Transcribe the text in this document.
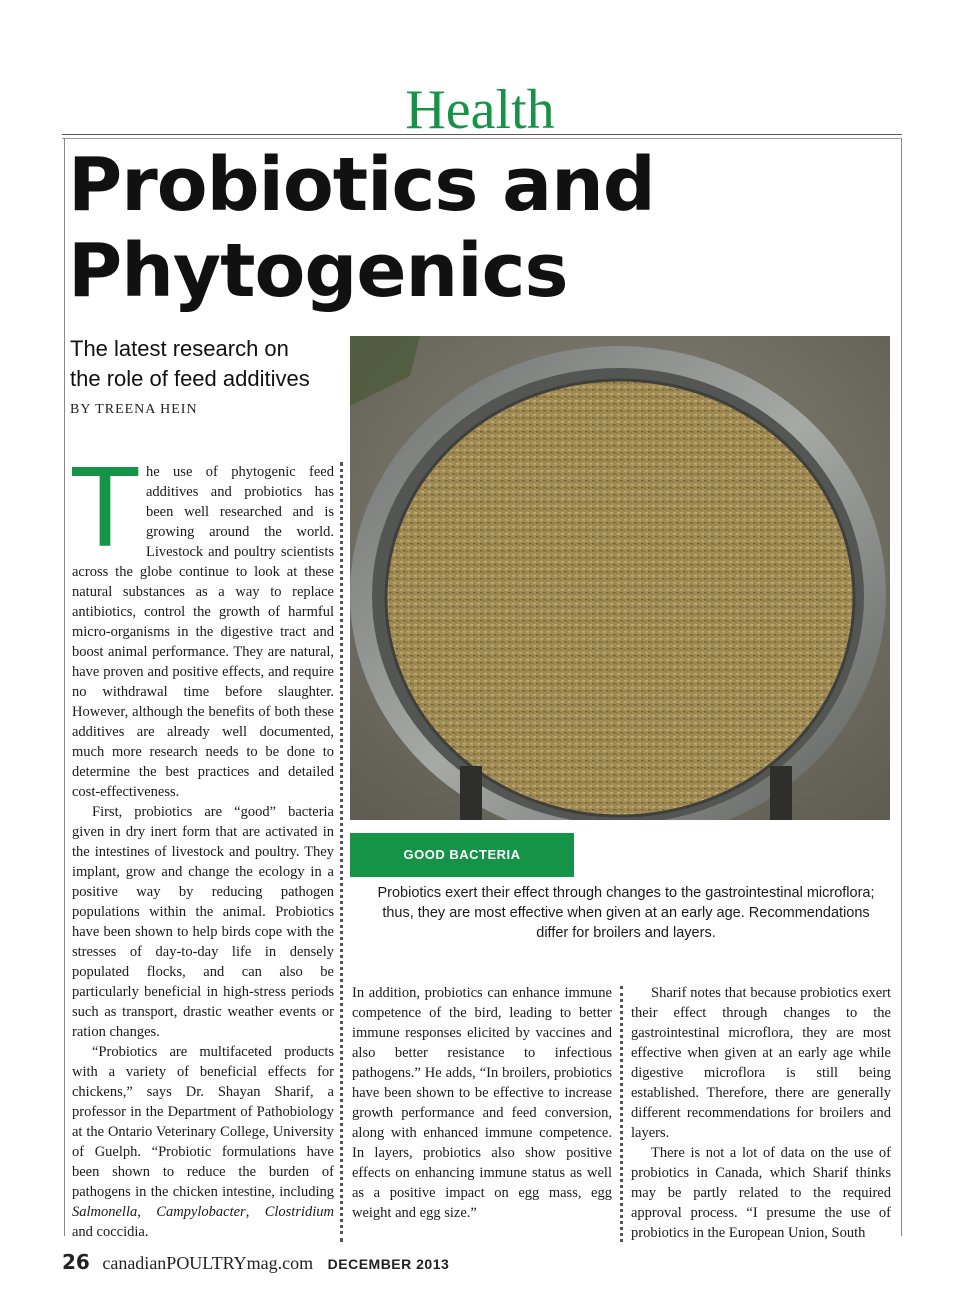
Health
Probiotics and
Phytogenics
The latest research on
the role of feed additives
BY TREENA HEIN
GOOD BACTERIA
Probiotics exert their effect through changes to the gastrointestinal microflora; thus, they are most effective when given at an early age. Recommendations differ for broilers and layers.
T he use of phytogenic feed additives and probiotics has been well researched and is growing around the world. Livestock and poultry scientists across the globe continue to look at these natural substances as a way to replace antibiotics, control the growth of harmful micro-organisms in the digestive tract and boost animal performance. They are natural, have proven and positive effects, and require no withdrawal time before slaughter. However, although the benefits of both these additives are already well documented, much more research needs to be done to determine the best practices and detailed cost-effectiveness.

First, probiotics are “good” bacteria given in dry inert form that are activated in the intestines of livestock and poultry. They implant, grow and change the ecology in a positive way by reducing pathogen populations within the animal. Probiotics have been shown to help birds cope with the stresses of day-to-day life in densely populated flocks, and can also be particularly beneficial in high-stress periods such as transport, drastic weather events or ration changes.

“Probiotics are multifaceted products with a variety of beneficial effects for chickens,” says Dr. Shayan Sharif, a professor in the Department of Pathobiology at the Ontario Veterinary College, University of Guelph. “Probiotic formulations have been shown to reduce the burden of pathogens in the chicken intestine, including Salmonella, Campylobacter, Clostridium and coccidia.

In addition, probiotics can enhance immune competence of the bird, leading to better immune responses elicited by vaccines and also better resistance to infectious pathogens.” He adds, “In broilers, probiotics have been shown to be effective to increase growth performance and feed conversion, along with enhanced immune competence. In layers, probiotics also show positive effects on enhancing immune status as well as a positive impact on egg mass, egg weight and egg size.”

Sharif notes that because probiotics exert their effect through changes to the gastrointestinal microflora, they are most effective when given at an early age while digestive microflora is still being established. Therefore, there are generally different recommendations for broilers and layers.

There is not a lot of data on the use of probiotics in Canada, which Sharif thinks may be partly related to the required approval process. “I presume the use of probiotics in the European Union, South

26 canadianPOULTRYmag.com DECEMBER 2013
